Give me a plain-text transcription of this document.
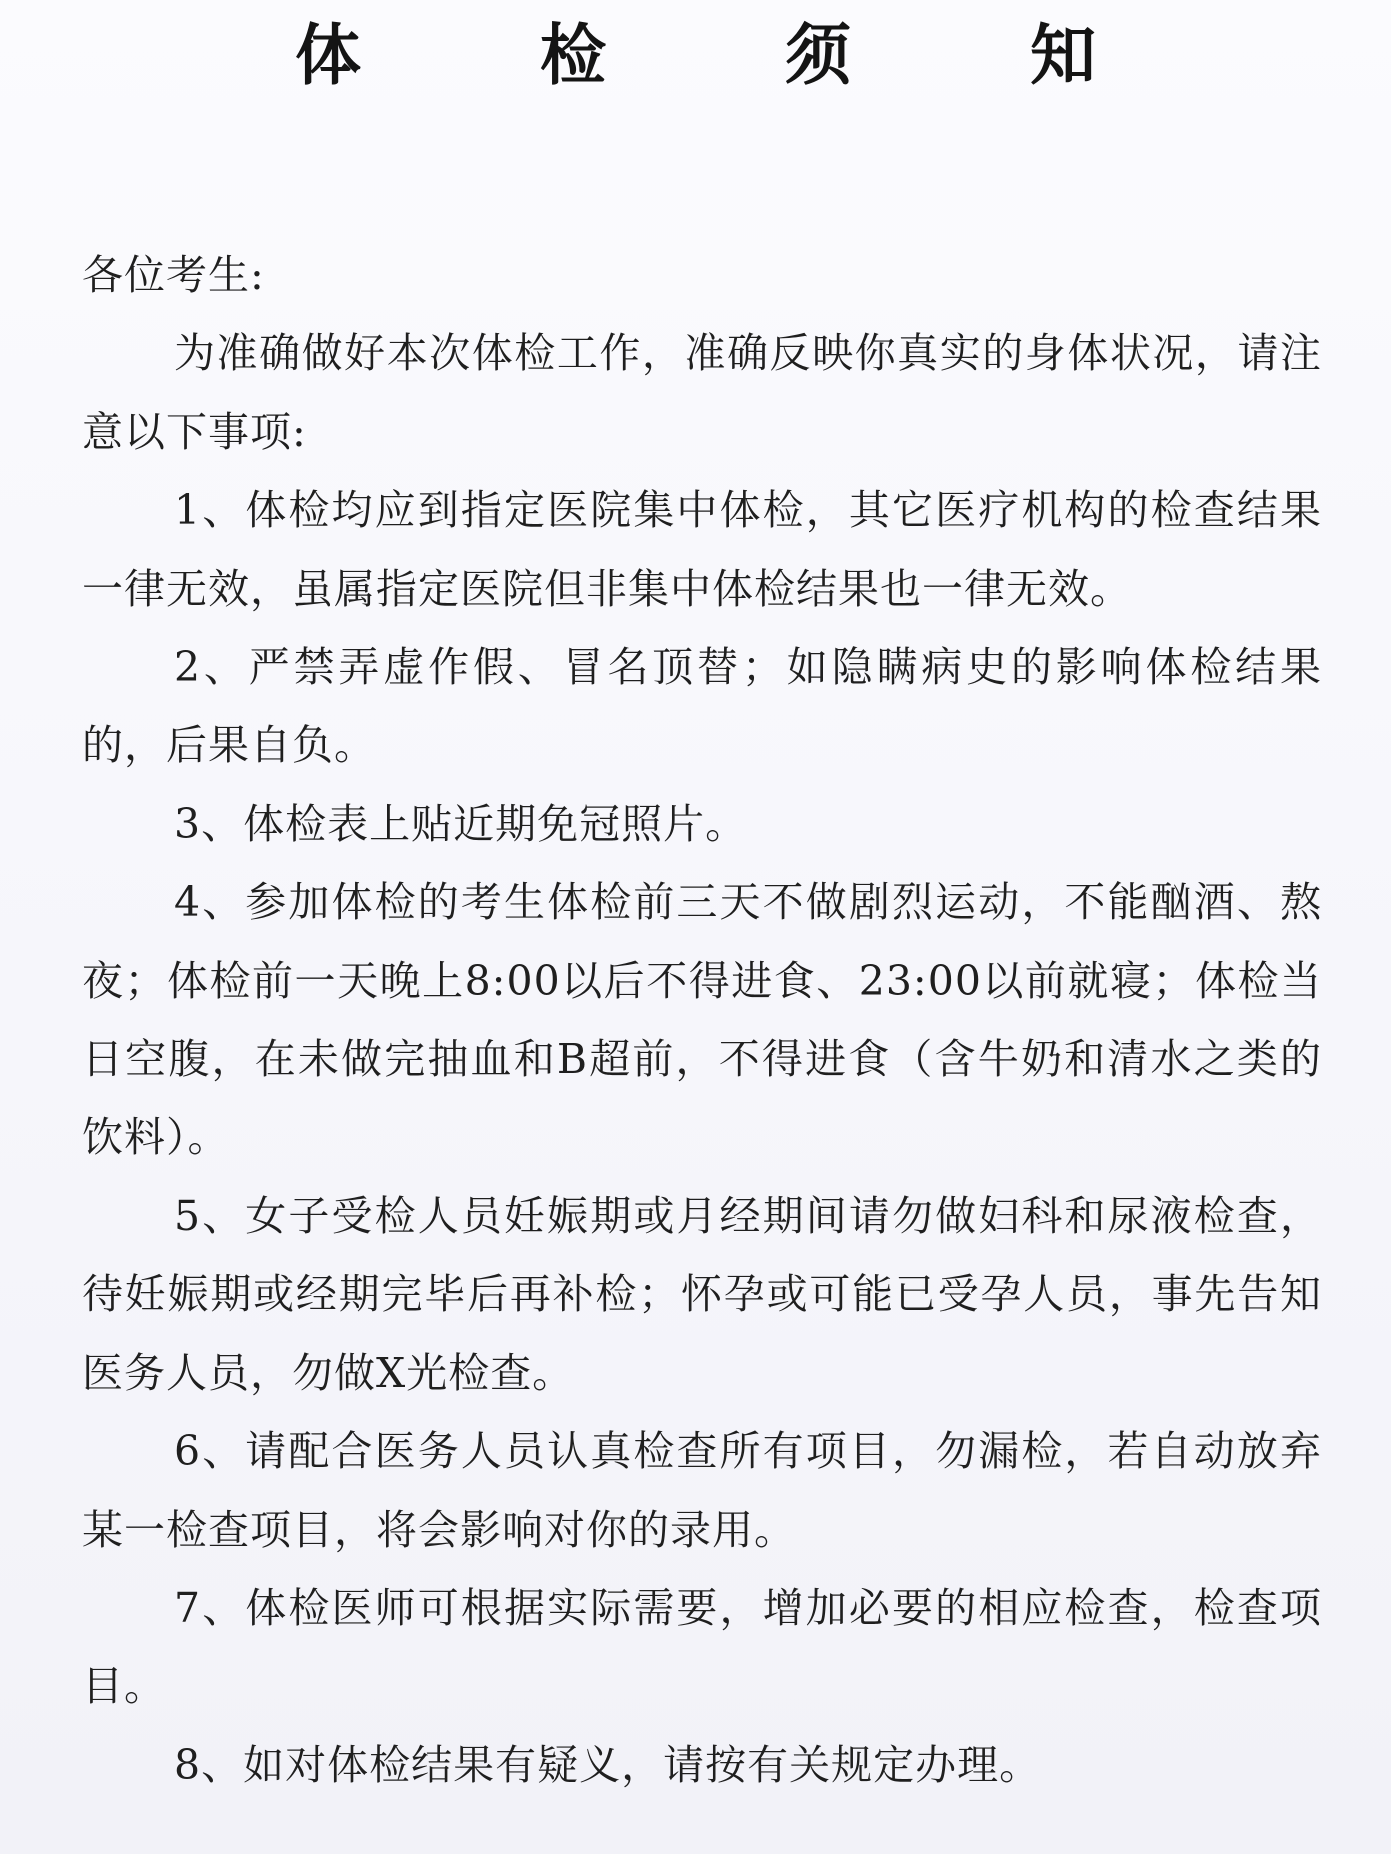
体 检 须 知

各位考生:

为准确做好本次体检工作，准确反映你真实的身体状况，请注意以下事项:

1、体检均应到指定医院集中体检，其它医疗机构的检查结果一律无效，虽属指定医院但非集中体检结果也一律无效。

2、严禁弄虚作假、冒名顶替；如隐瞒病史的影响体检结果的，后果自负。

3、体检表上贴近期免冠照片。

4、参加体检的考生体检前三天不做剧烈运动，不能酗酒、熬夜；体检前一天晚上8:00以后不得进食、23:00以前就寝；体检当日空腹，在未做完抽血和B超前，不得进食（含牛奶和清水之类的饮料）。

5、女子受检人员妊娠期或月经期间请勿做妇科和尿液检查，待妊娠期或经期完毕后再补检；怀孕或可能已受孕人员，事先告知医务人员，勿做X光检查。

6、请配合医务人员认真检查所有项目，勿漏检，若自动放弃某一检查项目，将会影响对你的录用。

7、体检医师可根据实际需要，增加必要的相应检查，检查项目。

8、如对体检结果有疑义，请按有关规定办理。
